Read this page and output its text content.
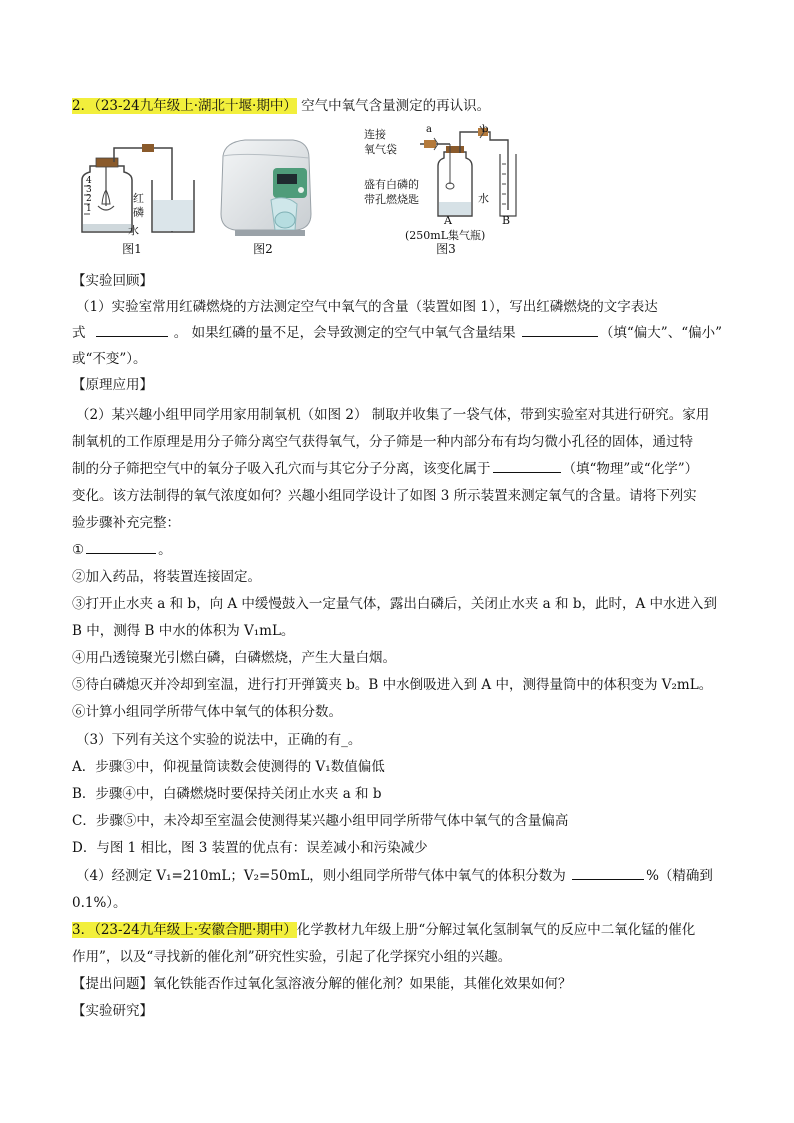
2．（23-24九年级上·湖北十堰·期中） 空气中氧气含量测定的再认识。
4
3
2
1
红
磷
水
图1	图2
连接
氧气袋
a	b
盛有白磷的
带孔燃烧匙	水
A	B
(250mL集气瓶)
图3
【实验回顾】
（1）实验室常用红磷燃烧的方法测定空气中氧气的含量（装置如图 1），写出红磷燃烧的文字表达
式	。 如果红磷的量不足，会导致测定的空气中氧气含量结果	（填“偏大”、“偏小”
或“不变”）。
【原理应用】
（2）某兴趣小组甲同学用家用制氧机（如图 2） 制取并收集了一袋气体，带到实验室对其进行研究。家用
制氧机的工作原理是用分子筛分离空气获得氧气，分子筛是一种内部分布有均匀微小孔径的固体，通过特
制的分子筛把空气中的氧分子吸入孔穴而与其它分子分离，该变化属于	（填“物理”或“化学”）
变化。该方法制得的氧气浓度如何？兴趣小组同学设计了如图 3 所示装置来测定氧气的含量。请将下列实
验步骤补充完整：
①	。
②加入药品，将装置连接固定。
③打开止水夹 a 和 b，向 A 中缓慢鼓入一定量气体，露出白磷后，关闭止水夹 a 和 b，此时，A 中水进入到
B 中，测得 B 中水的体积为 V₁mL。
④用凸透镜聚光引燃白磷，白磷燃烧，产生大量白烟。
⑤待白磷熄灭并冷却到室温，进行打开弹簧夹 b。B 中水倒吸进入到 A 中，测得量筒中的体积变为 V₂mL。
⑥计算小组同学所带气体中氧气的体积分数。
（3）下列有关这个实验的说法中，正确的有_。
A．步骤③中，仰视量筒读数会使测得的 V₁数值偏低
B．步骤④中，白磷燃烧时要保持关闭止水夹 a 和 b
C．步骤⑤中，未冷却至室温会使测得某兴趣小组甲同学所带气体中氧气的含量偏高
D．与图 1 相比，图 3 装置的优点有：误差减小和污染减少
（4）经测定 V₁=210mL；V₂=50mL，则小组同学所带气体中氧气的体积分数为	%（精确到
0.1%）。
3．（23-24九年级上·安徽合肥·期中）化学教材九年级上册“分解过氧化氢制氧气的反应中二氧化锰的催化
作用”，以及“寻找新的催化剂”研究性实验，引起了化学探究小组的兴趣。
【提出问题】氧化铁能否作过氧化氢溶液分解的催化剂？如果能，其催化效果如何？
【实验研究】
